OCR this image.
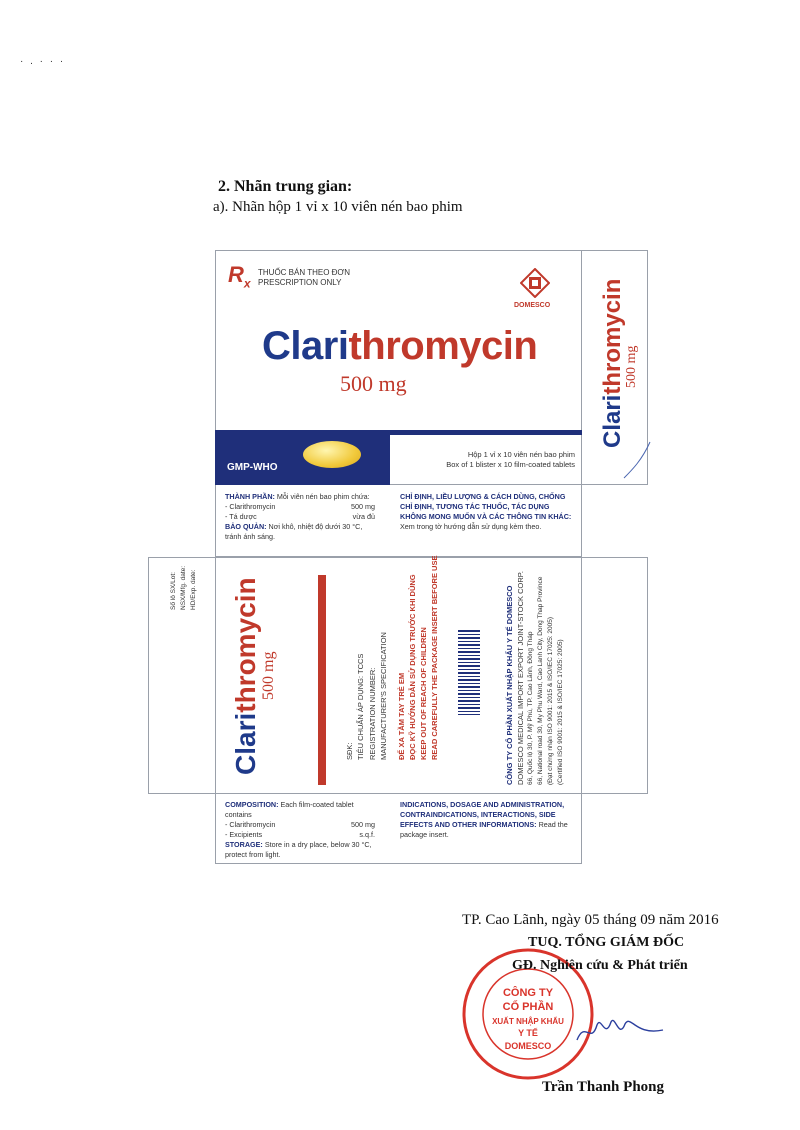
· . · · ·
2. Nhãn trung gian:
a). Nhãn hộp 1 vỉ x 10 viên nén bao phim
$R_x$
THUỐC BÁN THEO ĐƠN
PRESCRIPTION ONLY
DOMESCO
Clarithromycin
500 mg
GMP-WHO
Hộp 1 vỉ x 10 viên nén bao phim
Box of 1 blister x 10 film-coated tablets
Clarithromycin
500 mg
THÀNH PHẦN: Mỗi viên nén bao phim chứa:
- Clarithromycin	500 mg
- Tá dược	vừa đủ
BẢO QUẢN: Nơi khô, nhiệt độ dưới 30 °C, tránh ánh sáng.
CHỈ ĐỊNH, LIỀU LƯỢNG & CÁCH DÙNG, CHỐNG CHỈ ĐỊNH, TƯƠNG TÁC THUỐC, TÁC DỤNG KHÔNG MONG MUỐN VÀ CÁC THÔNG TIN KHÁC: Xem trong tờ hướng dẫn sử dụng kèm theo.
Số lô SX/Lot: NSX/Mfg. date: HD/Exp. date:
Clarithromycin 500 mg
SĐK: TIÊU CHUẨN ÁP DỤNG: TCCS REGISTRATION NUMBER: MANUFACTURER'S SPECIFICATION ĐỂ XA TẦM TAY TRẺ EM ĐỌC KỸ HƯỚNG DẪN SỬ DỤNG TRƯỚC KHI DÙNG KEEP OUT OF REACH OF CHILDREN READ CAREFULLY THE PACKAGE INSERT BEFORE USE	CÔNG TY CỔ PHẦN XUẤT NHẬP KHẨU Y TẾ DOMESCO DOMESCO MEDICAL IMPORT EXPORT JOINT-STOCK CORP. 66, Quốc lộ 30, P. Mỹ Phú, TP. Cao Lãnh, Đồng Tháp 66, National road 30, My Phu Ward, Cao Lanh City, Dong Thap Province (Đạt chứng nhận ISO 9001: 2015 & ISO/IEC 17025: 2005) (Certified ISO 9001: 2015 & ISO/IEC 17025: 2005)
COMPOSITION: Each film-coated tablet contains
- Clarithromycin	500 mg
- Excipients	s.q.f.
STORAGE: Store in a dry place, below 30 °C, protect from light.
INDICATIONS, DOSAGE AND ADMINISTRATION, CONTRAINDICATIONS, INTERACTIONS, SIDE EFFECTS AND OTHER INFORMATIONS: Read the package insert.
TP. Cao Lãnh, ngày 05 tháng 09 năm 2016
CÔNG TY
CỔ PHẦN
XUẤT NHẬP KHẨU
Y TẾ
DOMESCO
TUQ. TỔNG GIÁM ĐỐC
GĐ. Nghiên cứu & Phát triển
Trần Thanh Phong
